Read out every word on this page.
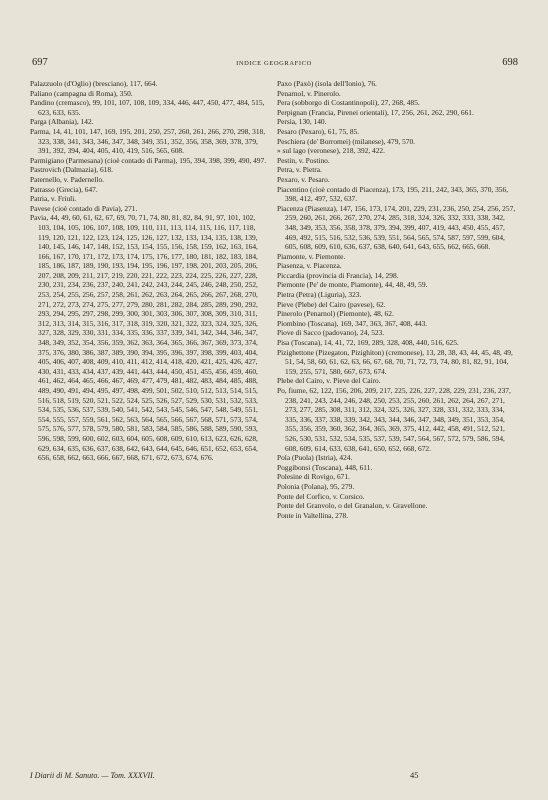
697	INDICE GEOGRAFICO	698
Palazzuolo (d'Oglio) (bresciano), 117, 664.
Paliano (campagna di Roma), 350.
Pandino (cremasco), 99, 101, 107, 108, 109, 334, 446, 447, 450, 477, 484, 515, 623, 633, 635.
Parga (Albania), 142.
Parma, 14, 41, 101, 147, 169, 195, 201, 250, 257, 260, 261, 266, 270, 298, 318, 323, 338, 341, 343, 346, 347, 348, 349, 351, 352, 356, 358, 369, 378, 379, 391, 392, 394, 404, 405, 410, 419, 516, 565, 608.
Parmigiano (Parmesana) (cioè contado di Parma), 195, 394, 398, 399, 490, 497.
Pastrovich (Dalmazia), 618.
Paternello, v. Padernello.
Patrasso (Grecia), 647.
Patria, v. Friuli.
Pavese (cioè contado di Pavia), 271.
Pavia, 44, 49, 60, 61, 62, 67, 69, 70, 71, 74, 80, 81, 82, 84, 91, 97, 101, 102, 103, 104, 105, 106, 107, 108, 109, 110, 111, 113, 114, 115, 116, 117, 118, 119, 120, 121, 122, 123, 124, 125, 126, 127, 132, 133, 134, 135, 138, 139, 140, 145, 146, 147, 148, 152, 153, 154, 155, 156, 158, 159, 162, 163, 164, 166, 167, 170, 171, 172, 173, 174, 175, 176, 177, 180, 181, 182, 183, 184, 185, 186, 187, 189, 190, 193, 194, 195, 196, 197, 198, 201, 203, 205, 206, 207, 208, 209, 211, 217, 219, 220, 221, 222, 223, 224, 225, 226, 227, 228, 230, 231, 234, 236, 237, 240, 241, 242, 243, 244, 245, 246, 248, 250, 252, 253, 254, 255, 256, 257, 258, 261, 262, 263, 264, 265, 266, 267, 268, 270, 271, 272, 273, 274, 275, 277, 279, 280, 281, 282, 284, 285, 289, 290, 292, 293, 294, 295, 297, 298, 299, 300, 301, 303, 306, 307, 308, 309, 310, 311, 312, 313, 314, 315, 316, 317, 318, 319, 320, 321, 322, 323, 324, 325, 326, 327, 328, 329, 330, 331, 334, 335, 336, 337, 339, 341, 342, 344, 346, 347, 348, 349, 352, 354, 356, 359, 362, 363, 364, 365, 366, 367, 369, 373, 374, 375, 376, 380, 386, 387, 389, 390, 394, 395, 396, 397, 398, 399, 403, 404, 405, 406, 407, 408, 409, 410, 411, 412, 414, 418, 420, 421, 425, 426, 427, 430, 431, 433, 434, 437, 439, 441, 443, 444, 450, 451, 455, 456, 459, 460, 461, 462, 464, 465, 466, 467, 469, 477, 479, 481, 482, 483, 484, 485, 488, 489, 490, 491, 494, 495, 497, 498, 499, 501, 502, 510, 512, 513, 514, 515, 516, 518, 519, 520, 521, 522, 524, 525, 526, 527, 529, 530, 531, 532, 533, 534, 535, 536, 537, 539, 540, 541, 542, 543, 545, 546, 547, 548, 549, 551, 554, 555, 557, 559, 561, 562, 563, 564, 565, 566, 567, 568, 571, 573, 574, 575, 576, 577, 578, 579, 580, 581, 583, 584, 585, 586, 588, 589, 590, 593, 596, 598, 599, 600, 602, 603, 604, 605, 608, 609, 610, 613, 623, 626, 628, 629, 634, 635, 636, 637, 638, 642, 643, 644, 645, 646, 651, 652, 653, 654, 656, 658, 662, 663, 666, 667, 668, 671, 672, 673, 674, 676.
Paxo (Paxò) (isola dell'Ionio), 76.
Penarnol, v. Pinerolo.
Pera (sobborgo di Costantinopoli), 27, 268, 485.
Perpignan (Francia, Pirenei orientali), 17, 256, 261, 262, 290, 661.
Persia, 130, 140.
Pesaro (Pexaro), 61, 75, 85.
Peschiera (de' Borromei) (milanese), 479, 570.
» sul lago (veronese), 218, 392, 422.
Pestin, v. Postino.
Petra, v. Pietra.
Pexaro, v. Pesaro.
Piacentino (cioè contado di Piacenza), 173, 195, 211, 242, 343, 365, 370, 356, 398, 412, 497, 532, 637.
Piacenza (Piasenza), 147, 156, 173, 174, 201, 229, 231, 236, 250, 254, 256, 257, 259, 260, 261, 266, 267, 270, 274, 285, 318, 324, 326, 332, 333, 338, 342, 348, 349, 353, 356, 358, 378, 379, 394, 399, 407, 419, 443, 450, 455, 457, 469, 492, 515, 516, 532, 536, 539, 551, 564, 565, 574, 587, 597, 599, 604, 605, 608, 609, 610, 636, 637, 638, 640, 641, 643, 655, 662, 665, 668.
Piamonte, v. Piemonte.
Piasenza, v. Piacenza.
Piccardia (provincia di Francia), 14, 298.
Piemonte (Pe' de monte, Piamonte), 44, 48, 49, 59.
Pietra (Petra) (Liguria), 323.
Pieve (Plebe) del Cairo (pavese), 62.
Pinerolo (Penarnol) (Piemonte), 48, 62.
Piombino (Toscana), 169, 347, 363, 367, 408, 443.
Piove di Sacco (padovano), 24, 523.
Pisa (Toscana), 14, 41, 72, 169, 289, 328, 408, 440, 516, 625.
Pizighettone (Pizegaton, Pizighiton) (cremonese), 13, 28, 38, 43, 44, 45, 48, 49, 51, 54, 58, 60, 61, 62, 63, 66, 67, 68, 70, 71, 72, 73, 74, 80, 81, 82, 91, 104, 159, 255, 571, 580, 667, 673, 674.
Plebe del Cairo, v. Pieve del Cairo.
Po, fiume, 62, 122, 156, 206, 209, 217, 225, 226, 227, 228, 229, 231, 236, 237, 238, 241, 243, 244, 246, 248, 250, 253, 255, 260, 261, 262, 264, 267, 271, 273, 277, 285, 308, 311, 312, 324, 325, 326, 327, 328, 331, 332, 333, 334, 335, 336, 337, 338, 339, 342, 343, 344, 346, 347, 348, 349, 351, 353, 354, 355, 356, 359, 360, 362, 364, 365, 369, 375, 412, 442, 458, 491, 512, 521, 526, 530, 531, 532, 534, 535, 537, 539, 547, 564, 567, 572, 579, 586, 594, 608, 609, 614, 633, 638, 641, 650, 652, 668, 672.
Pola (Puola) (Istria), 424.
Poggibonsi (Toscana), 448, 611.
Polesine di Rovigo, 671.
Polonia (Polana), 95, 279.
Ponte del Corfico, v. Corsico.
Ponte del Granvolo, o del Granalon, v. Gravellone.
Ponte in Valtellina, 278.
I Diarii di M. Sanuto. — Tom. XXXVII.	45
